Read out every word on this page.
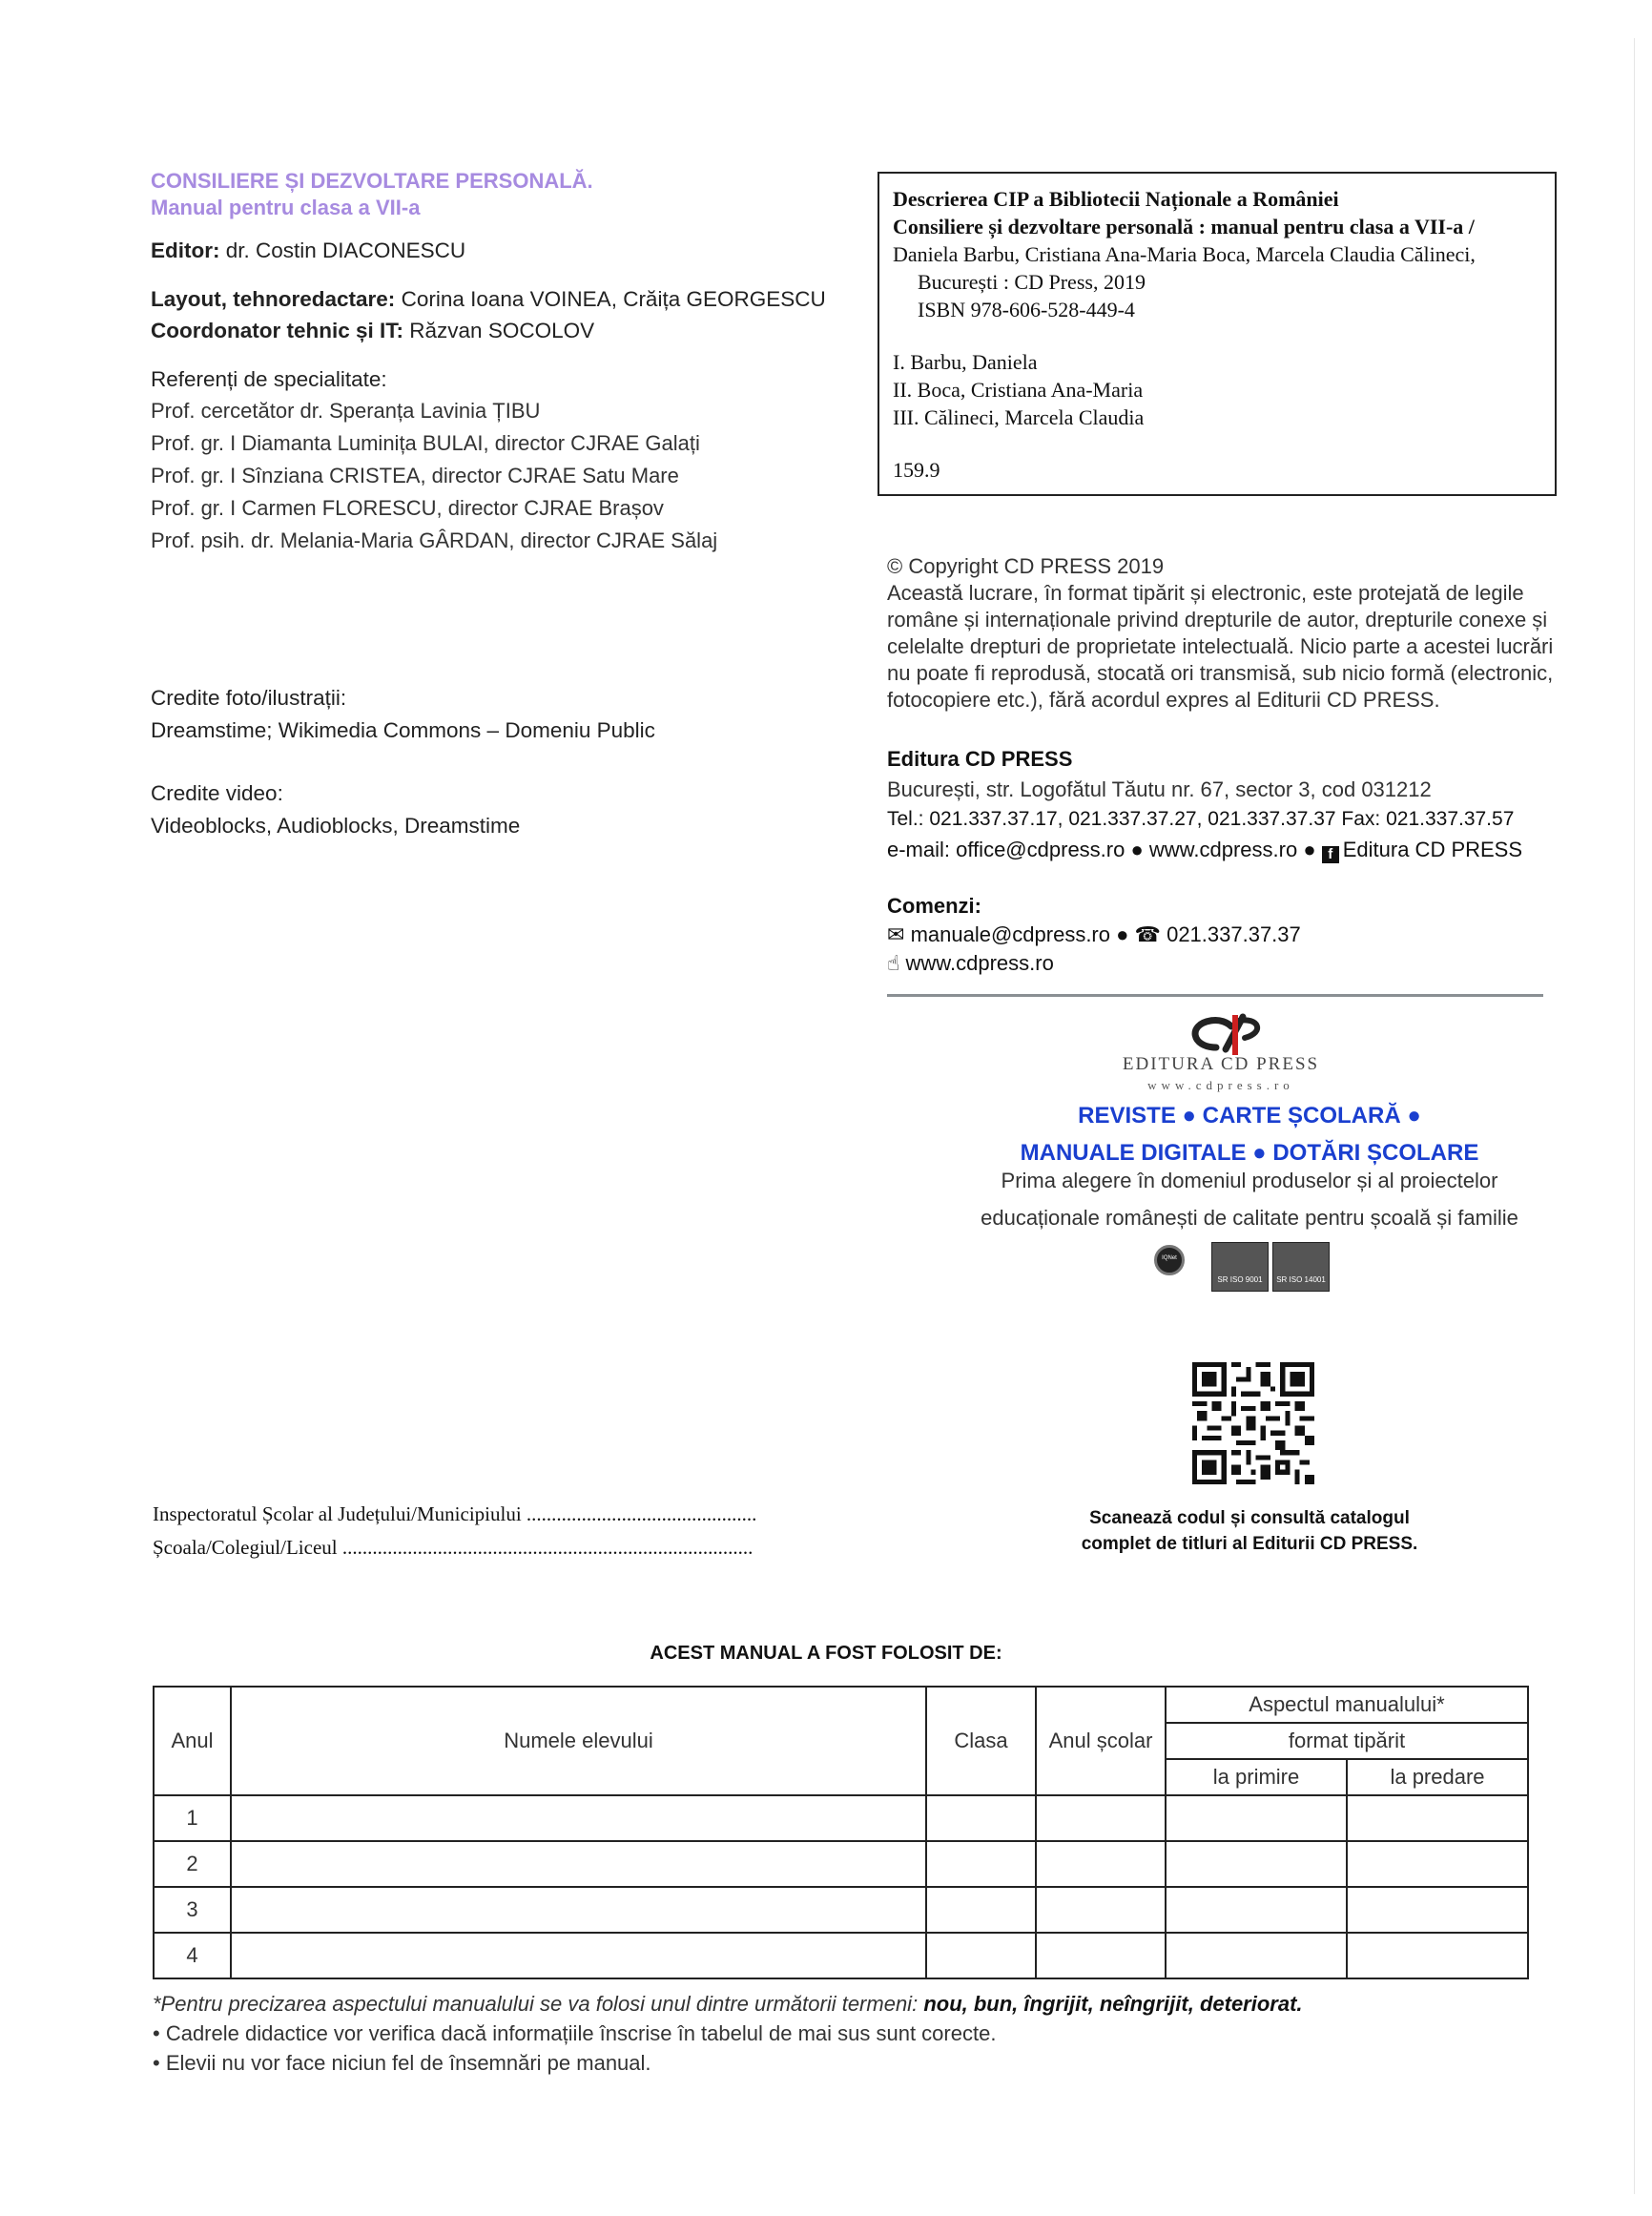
CONSILIERE ȘI DEZVOLTARE PERSONALĂ.
Manual pentru clasa a VII-a
Editor: dr. Costin DIACONESCU
Layout, tehnoredactare: Corina Ioana VOINEA, Crăița GEORGESCU
Coordonator tehnic și IT: Răzvan SOCOLOV
Referenți de specialitate:
Prof. cercetător dr. Speranța Lavinia ȚIBU
Prof. gr. I Diamanta Luminița BULAI, director CJRAE Galați
Prof. gr. I Sînziana CRISTEA, director CJRAE Satu Mare
Prof. gr. I Carmen FLORESCU, director CJRAE Brașov
Prof. psih. dr. Melania-Maria GÂRDAN, director CJRAE Sălaj
Credite foto/ilustrații:
Dreamstime; Wikimedia Commons – Domeniu Public
Credite video:
Videoblocks, Audioblocks, Dreamstime
Descrierea CIP a Bibliotecii Naționale a României
Consiliere și dezvoltare personală : manual pentru clasa a VII-a /
Daniela Barbu, Cristiana Ana-Maria Boca, Marcela Claudia Călineci,
București : CD Press, 2019
ISBN 978-606-528-449-4
I. Barbu, Daniela
II. Boca, Cristiana Ana-Maria
III. Călineci, Marcela Claudia
159.9
© Copyright CD PRESS 2019
Această lucrare, în format tipărit și electronic, este protejată de legile române și internaționale privind drepturile de autor, drepturile conexe și celelalte drepturi de proprietate intelectuală. Nicio parte a acestei lucrări nu poate fi reprodusă, stocată ori transmisă, sub nicio formă (electronic, fotocopiere etc.), fără acordul expres al Editurii CD PRESS.
Editura CD PRESS
București, str. Logofătul Tăutu nr. 67, sector 3, cod 031212
Tel.: 021.337.37.17, 021.337.37.27, 021.337.37.37 Fax: 021.337.37.57
e-mail: office@cdpress.ro ● www.cdpress.ro ● f Editura CD PRESS
Comenzi:
✉ manuale@cdpress.ro ● ☎ 021.337.37.37
☝ www.cdpress.ro
EDITURA CD PRESS
www.cdpress.ro
REVISTE ● CARTE ȘCOLARĂ ●
MANUALE DIGITALE ● DOTĂRI ȘCOLARE
Prima alegere în domeniul produselor și al proiectelor
educaționale românești de calitate pentru școală și familie
IQNet
SR ISO 9001	SR ISO 14001
Inspectoratul Școlar al Județului/Municipiului ..............................................
Școala/Colegiul/Liceul ..................................................................................
Scanează codul și consultă catalogul
complet de titluri al Editurii CD PRESS.
ACEST MANUAL A FOST FOLOSIT DE:
Anul	Numele elevului	Clasa	Anul școlar	Aspectul manualului*	
				format tipărit	
				la primire	la predare
1					
2					
3					
4					
*Pentru precizarea aspectului manualului se va folosi unul dintre următorii termeni: nou, bun, îngrijit, neîngrijit, deteriorat.
• Cadrele didactice vor verifica dacă informațiile înscrise în tabelul de mai sus sunt corecte.
• Elevii nu vor face niciun fel de însemnări pe manual.
